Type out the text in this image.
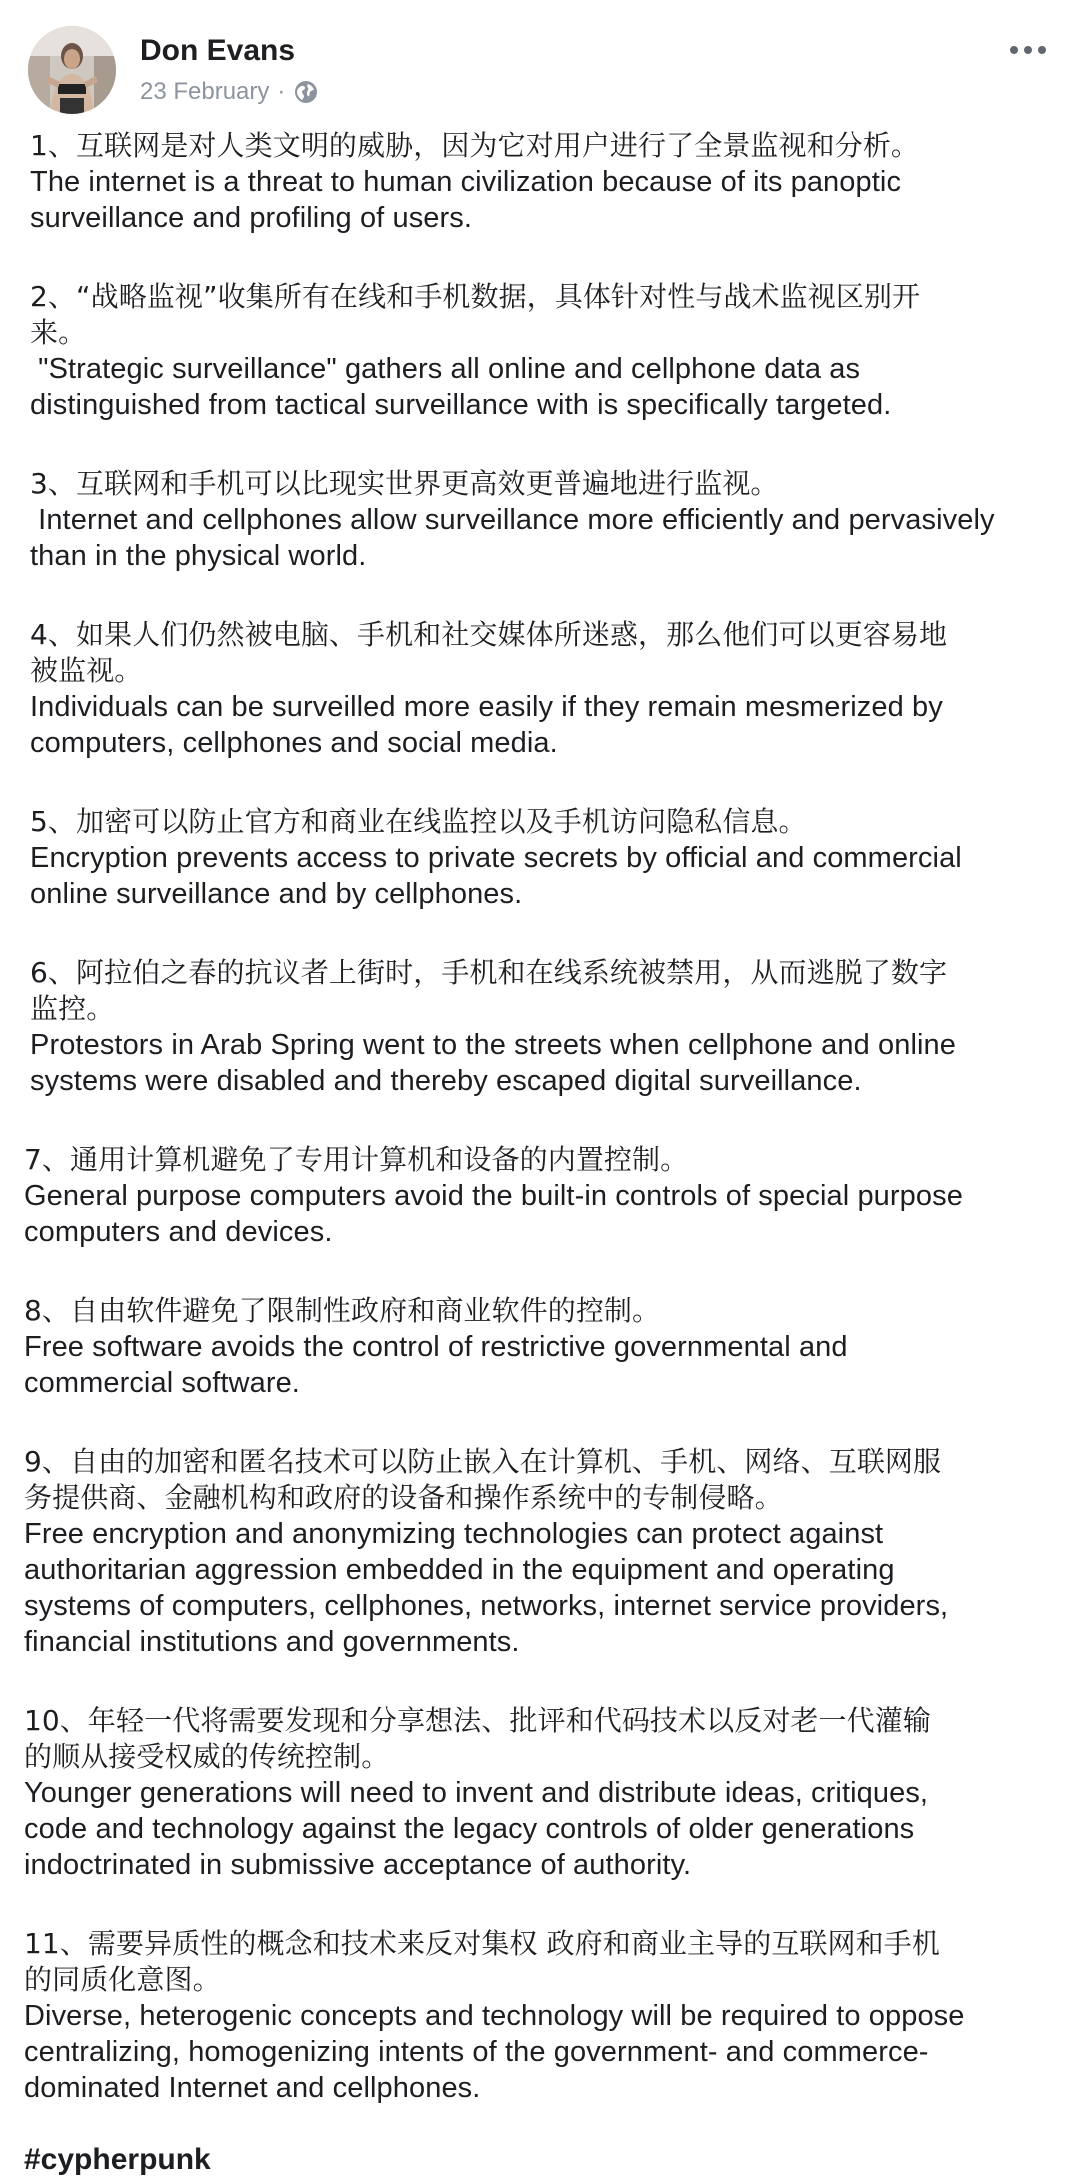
Don Evans
23 February ·
1、互联网是对人类文明的威胁，因为它对用户进行了全景监视和分析。
The internet is a threat to human civilization because of its panoptic
surveillance and profiling of users.
2、“战略监视”收集所有在线和手机数据，具体针对性与战术监视区别开
来。
"Strategic surveillance" gathers all online and cellphone data as
distinguished from tactical surveillance with is specifically targeted.
3、互联网和手机可以比现实世界更高效更普遍地进行监视。
Internet and cellphones allow surveillance more efficiently and pervasively
than in the physical world.
4、如果人们仍然被电脑、手机和社交媒体所迷惑，那么他们可以更容易地
被监视。
Individuals can be surveilled more easily if they remain mesmerized by
computers, cellphones and social media.
5、加密可以防止官方和商业在线监控以及手机访问隐私信息。
Encryption prevents access to private secrets by official and commercial
online surveillance and by cellphones.
6、阿拉伯之春的抗议者上街时，手机和在线系统被禁用，从而逃脱了数字
监控。
Protestors in Arab Spring went to the streets when cellphone and online
systems were disabled and thereby escaped digital surveillance.
7、通用计算机避免了专用计算机和设备的内置控制。
General purpose computers avoid the built-in controls of special purpose
computers and devices.
8、自由软件避免了限制性政府和商业软件的控制。
Free software avoids the control of restrictive governmental and
commercial software.
9、自由的加密和匿名技术可以防止嵌入在计算机、手机、网络、互联网服
务提供商、金融机构和政府的设备和操作系统中的专制侵略。
Free encryption and anonymizing technologies can protect against
authoritarian aggression embedded in the equipment and operating
systems of computers, cellphones, networks, internet service providers,
financial institutions and governments.
10、年轻一代将需要发现和分享想法、批评和代码技术以反对老一代灌输
的顺从接受权威的传统控制。
Younger generations will need to invent and distribute ideas, critiques,
code and technology against the legacy controls of older generations
indoctrinated in submissive acceptance of authority.
11、需要异质性的概念和技术来反对集权 政府和商业主导的互联网和手机
的同质化意图。
Diverse, heterogenic concepts and technology will be required to oppose
centralizing, homogenizing intents of the government- and commerce-
dominated Internet and cellphones.
#cypherpunk
